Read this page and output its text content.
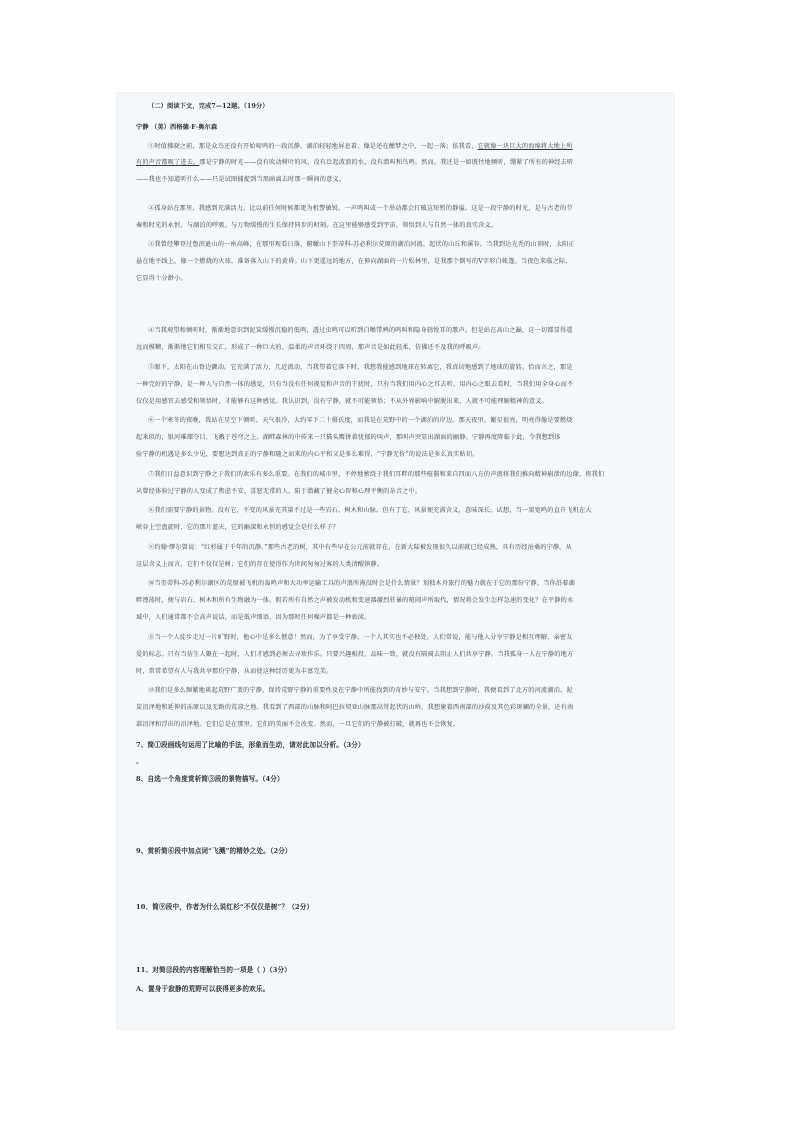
（二）阅读下文，完成7—12题。（19分）
宁静 （美）西格德·F·奥尔森
①时值拂晓之前，那是众鸟还没有开始啼鸣的一段沉静。湖泊轻轻地屏息着，像是还在酣梦之中，一起一落；依我看，它就像一块巨大的海绵将大地上所
有的声音都吸了进去。那是宁静的时光——没有吹动树叶的风，没有泛起波浪的水，没有潜叫和鸟鸣。然而，我还是一如既往地倾听，绷紧了所有的神经去听
——我也不知道听什么——只是试图捕捉到当黑暗离去时那一瞬间的意义。
②孤身站在那里，我感到充满活力，比以前任何时候都更为机警敏锐。一声鸣叫或一个举动都会打破这短暂的静谧。这是一段宁静的时光，是与古老的节
奏和时光的永恒、与湖泊的呼吸、与万物缓慢的生长保持同步的时刻。在这里能够感受到宇宙，领悟到人与自然一体的真实含义。
③我曾经攀登过鲁滨逊山的一座高峰，在那里观看日落，俯瞰山下奎蒂科-苏必利尔荒原的湖泊河流、起伏的山丘和溪谷。当我到达光秃的山顶时，太阳正
悬在地平线上，像一个燃烧的火球，准备落入山下的黄昏。山下更遥远的地方，在伸向湖面的一片松林里，是我那个倒写的V字形白帐篷。当夜色来临之际，
它显得十分渺小。
④当我观望和倾听时，渐渐地意识到泥炭缓慢沉稳的低鸣，透过虫鸣可以听到白喉带鹀的鸣叫和隐身鸫悦耳的歌声。但是站在高山之巅，这一切都显得遥
远而模糊，渐渐地它们相互交汇，形成了一种巨大的、温柔的声音环绕于四周，那声音是如此轻柔，仿佛还不及我的呼吸声。
⑤眼下，太阳在山脊边颤动。它充满了活力，几近流动，当我望着它落下时，我想我能感到地球在转离它，我真切地感到了地球的旋转。恰而言之，那是
一种完好的宁静，是一种人与自然一体的感觉，只有当没有任何视觉和声音的干扰时，只有当我们用内心之耳去听、用内心之眼去看时，当我们用全身心而不
仅仅是用感官去感受和领悟时，才能够有这种感觉。我认识到，没有宁静，就不可能领悟；不从外界影响中解脱出来，人就不可能理解精神的意义。
⑥一个寒冬的夜晚，我站在星空下倾听。天气很冷，大约零下二十摄氏度，而我是在荒野中的一个湖泊的岸边。那天夜里，繁星很亮，明亮得像是要燃烧
起来似的，银河璀璨夺目，飞溅于苍穹之上。湖畔森林的中传来一只猫头鹰拼着忧郁的叫声，那叫声突显出湖面的幽静。宁静再度降临于此，令我想到体
验宁静的机遇是多么少见，要想达到真正的宁静和随之而来的内心平和又是多么难得，“宁静无价”的说法是多么真实贴切。
⑦我们日益意识到宁静之于我们的欢乐有多么重要。在我们的城市里，不停地萦绕于我们耳畔的那些喧嚣和来自四面八方的声浪将我们推向精神崩溃的边缘，将我们
从曾经体验过宁静的人变成了焦虑不安、喜怒无常的人，陷于潜藏了健全心智和心理平衡的杂音之中。
⑧我们需要宁静的景物。没有它，不变的风景充其量不过是一些岩石、树木和山脉。但有了它，风景便充满含义，意味深长。试想，当一架宽鸣的直升飞机在大
峡谷上空盘旋时，它的那片蓝天，它的幽深和永恒的感觉会是什么样子？
⑨约翰·缪尔曾说：“红杉属于千年的沉静。”那些古老的树，其中有些早在公元前就存在，在新大陆被发现很久以前就已经成熟，具有历经沧桑的宁静。从
这层含义上而言，它们不仅仅是树；它们的存在使得作为世间匆匆过客的人类清醒镇静。
⑩当奎蒂科-苏必利尔湖区的荒原被飞机的轰鸣声和大功率运输工具的声浪所淹没时会是什么情景？划独木舟旅行的魅力就在于它的那份宁静，当你沿着湖
畔漂荡时，便与岩石、树木和所有生物融为一体。假若所有自然之声被发动机和变速器激烈狂暴的喧闹声所取代，情况将会发生怎样急速的变化？在平静的水
域中，人们通常都不会高声说话，而是低声细语，因为那时任何噪声都是一种亵渎。
⑪当一个人徒步走过一片旷野时，他心中是多么惬意！然而，为了享受宁静，一个人其实也不必独处。人们常说，能与他人分享宁静是相互理解、亲密友
爱的标志。只有当彷生人聚在一起时，人们才感到必须去寻欢作乐。只要兴趣相投，品味一致，就没有隔阂去阻止人们共享宁静。当我孤身一人在宁静的地方
时，常常希望有人与我共享那份宁静，从而使这种经历更为丰富完美。
⑫我们是多么频繁地谈起荒野广袤的宁静，保持荒野宁静的重要性及在宁静中所能找到的奇妙与安宁。当我想到宁静时，我便看到了北方的河流湖泊、泥
炭沼泽地和延伸的冻原以及无路的荒凉之地。我看到了西部的山脉和阿巴拉契亚山脉那高耸起伏的山岭。我想象着西南部的沙漠及其色彩斑斓的全景，还有南
部沼泽和浮出的沼泽地。它们总是在那里，它们的美丽不会改变。然而，一旦它们的宁静被打破，就再也不会恢复。
7、简①段画线句运用了比喻的手法，形象而生动，请对此加以分析。（3分）
-
8、自选一个角度赏析简③段的景物描写。（4分）
9、赏析简⑥段中加点词“飞溅”的精妙之处。（2分）
10、简⑨段中，作者为什么说红杉“不仅仅是树”？（2分）
11、对简⑫段的内容理解恰当的一项是（ ）（3分）
A、置身于寂静的荒野可以获得更多的欢乐。
